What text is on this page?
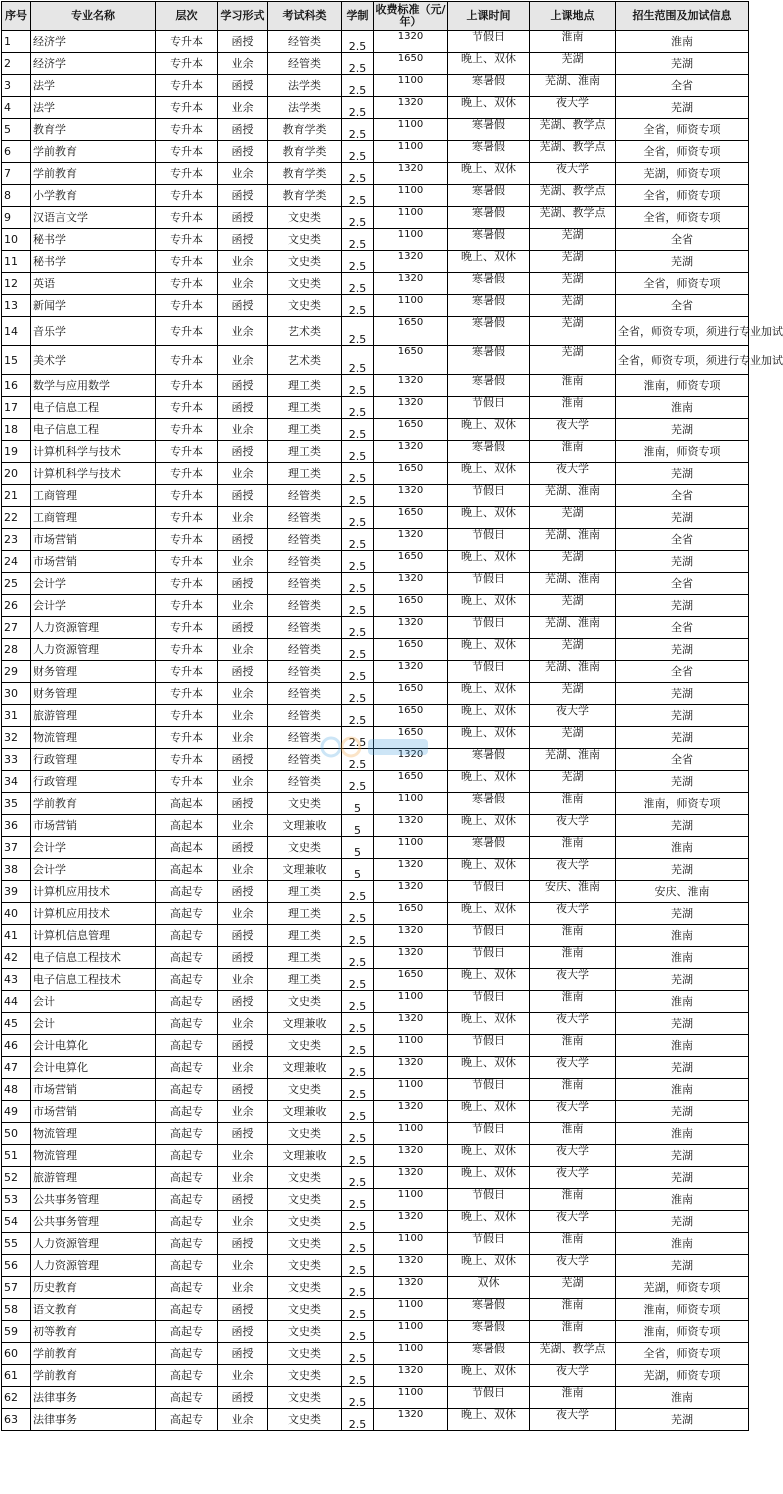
序号	专业名称	层次	学习形式	考试科类	学制	收费标准（元/年）	上课时间	上课地点	招生范围及加试信息
1	经济学	专升本	函授	经管类	2.5	1320	节假日	淮南	淮南
2	经济学	专升本	业余	经管类	2.5	1650	晚上、双休	芜湖	芜湖
3	法学	专升本	函授	法学类	2.5	1100	寒暑假	芜湖、淮南	全省
4	法学	专升本	业余	法学类	2.5	1320	晚上、双休	夜大学	芜湖
5	教育学	专升本	函授	教育学类	2.5	1100	寒暑假	芜湖、教学点	全省，师资专项
6	学前教育	专升本	函授	教育学类	2.5	1100	寒暑假	芜湖、教学点	全省，师资专项
7	学前教育	专升本	业余	教育学类	2.5	1320	晚上、双休	夜大学	芜湖，师资专项
8	小学教育	专升本	函授	教育学类	2.5	1100	寒暑假	芜湖、教学点	全省，师资专项
9	汉语言文学	专升本	函授	文史类	2.5	1100	寒暑假	芜湖、教学点	全省，师资专项
10	秘书学	专升本	函授	文史类	2.5	1100	寒暑假	芜湖	全省
11	秘书学	专升本	业余	文史类	2.5	1320	晚上、双休	芜湖	芜湖
12	英语	专升本	业余	文史类	2.5	1320	寒暑假	芜湖	全省，师资专项
13	新闻学	专升本	函授	文史类	2.5	1100	寒暑假	芜湖	全省
14	音乐学	专升本	业余	艺术类	2.5	1650	寒暑假	芜湖	全省，师资专项，须进行专业加试
15	美术学	专升本	业余	艺术类	2.5	1650	寒暑假	芜湖	全省，师资专项，须进行专业加试
16	数学与应用数学	专升本	函授	理工类	2.5	1320	寒暑假	淮南	淮南，师资专项
17	电子信息工程	专升本	函授	理工类	2.5	1320	节假日	淮南	淮南
18	电子信息工程	专升本	业余	理工类	2.5	1650	晚上、双休	夜大学	芜湖
19	计算机科学与技术	专升本	函授	理工类	2.5	1320	寒暑假	淮南	淮南，师资专项
20	计算机科学与技术	专升本	业余	理工类	2.5	1650	晚上、双休	夜大学	芜湖
21	工商管理	专升本	函授	经管类	2.5	1320	节假日	芜湖、淮南	全省
22	工商管理	专升本	业余	经管类	2.5	1650	晚上、双休	芜湖	芜湖
23	市场营销	专升本	函授	经管类	2.5	1320	节假日	芜湖、淮南	全省
24	市场营销	专升本	业余	经管类	2.5	1650	晚上、双休	芜湖	芜湖
25	会计学	专升本	函授	经管类	2.5	1320	节假日	芜湖、淮南	全省
26	会计学	专升本	业余	经管类	2.5	1650	晚上、双休	芜湖	芜湖
27	人力资源管理	专升本	函授	经管类	2.5	1320	节假日	芜湖、淮南	全省
28	人力资源管理	专升本	业余	经管类	2.5	1650	晚上、双休	芜湖	芜湖
29	财务管理	专升本	函授	经管类	2.5	1320	节假日	芜湖、淮南	全省
30	财务管理	专升本	业余	经管类	2.5	1650	晚上、双休	芜湖	芜湖
31	旅游管理	专升本	业余	经管类	2.5	1650	晚上、双休	夜大学	芜湖
32	物流管理	专升本	业余	经管类	2.5	1650	晚上、双休	芜湖	芜湖
33	行政管理	专升本	函授	经管类	2.5	1320	寒暑假	芜湖、淮南	全省
34	行政管理	专升本	业余	经管类	2.5	1650	晚上、双休	芜湖	芜湖
35	学前教育	高起本	函授	文史类	5	1100	寒暑假	淮南	淮南，师资专项
36	市场营销	高起本	业余	文理兼收	5	1320	晚上、双休	夜大学	芜湖
37	会计学	高起本	函授	文史类	5	1100	寒暑假	淮南	淮南
38	会计学	高起本	业余	文理兼收	5	1320	晚上、双休	夜大学	芜湖
39	计算机应用技术	高起专	函授	理工类	2.5	1320	节假日	安庆、淮南	安庆、淮南
40	计算机应用技术	高起专	业余	理工类	2.5	1650	晚上、双休	夜大学	芜湖
41	计算机信息管理	高起专	函授	理工类	2.5	1320	节假日	淮南	淮南
42	电子信息工程技术	高起专	函授	理工类	2.5	1320	节假日	淮南	淮南
43	电子信息工程技术	高起专	业余	理工类	2.5	1650	晚上、双休	夜大学	芜湖
44	会计	高起专	函授	文史类	2.5	1100	节假日	淮南	淮南
45	会计	高起专	业余	文理兼收	2.5	1320	晚上、双休	夜大学	芜湖
46	会计电算化	高起专	函授	文史类	2.5	1100	节假日	淮南	淮南
47	会计电算化	高起专	业余	文理兼收	2.5	1320	晚上、双休	夜大学	芜湖
48	市场营销	高起专	函授	文史类	2.5	1100	节假日	淮南	淮南
49	市场营销	高起专	业余	文理兼收	2.5	1320	晚上、双休	夜大学	芜湖
50	物流管理	高起专	函授	文史类	2.5	1100	节假日	淮南	淮南
51	物流管理	高起专	业余	文理兼收	2.5	1320	晚上、双休	夜大学	芜湖
52	旅游管理	高起专	业余	文史类	2.5	1320	晚上、双休	夜大学	芜湖
53	公共事务管理	高起专	函授	文史类	2.5	1100	节假日	淮南	淮南
54	公共事务管理	高起专	业余	文史类	2.5	1320	晚上、双休	夜大学	芜湖
55	人力资源管理	高起专	函授	文史类	2.5	1100	节假日	淮南	淮南
56	人力资源管理	高起专	业余	文史类	2.5	1320	晚上、双休	夜大学	芜湖
57	历史教育	高起专	业余	文史类	2.5	1320	双休	芜湖	芜湖，师资专项
58	语文教育	高起专	函授	文史类	2.5	1100	寒暑假	淮南	淮南，师资专项
59	初等教育	高起专	函授	文史类	2.5	1100	寒暑假	淮南	淮南，师资专项
60	学前教育	高起专	函授	文史类	2.5	1100	寒暑假	芜湖、教学点	全省，师资专项
61	学前教育	高起专	业余	文史类	2.5	1320	晚上、双休	夜大学	芜湖，师资专项
62	法律事务	高起专	函授	文史类	2.5	1100	节假日	淮南	淮南
63	法律事务	高起专	业余	文史类	2.5	1320	晚上、双休	夜大学	芜湖
